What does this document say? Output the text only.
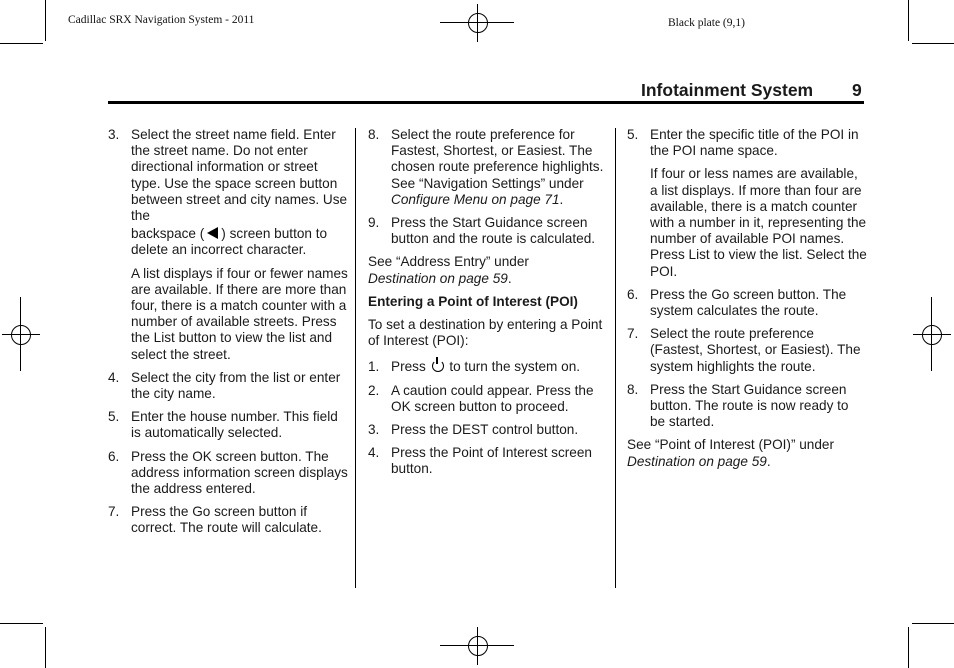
Cadillac SRX Navigation System - 2011	Black plate (9,1)
Infotainment System 9
3. Select the street name field. Enter the street name. Do not enter directional information or street type. Use the space screen button between street and city names. Use the
backspace ( ) screen button to delete an incorrect character.
A list displays if four or fewer names are available. If there are more than four, there is a match counter with a number of available streets. Press the List button to view the list and select the street.
4. Select the city from the list or enter the city name.
5. Enter the house number. This field is automatically selected.
6. Press the OK screen button. The address information screen displays the address entered.
7. Press the Go screen button if correct. The route will calculate.
8. Select the route preference for Fastest, Shortest, or Easiest. The chosen route preference highlights. See “Navigation Settings” under Configure Menu on page 71.
9. Press the Start Guidance screen button and the route is calculated.
See “Address Entry” under
Destination on page 59.
Entering a Point of Interest (POI)
To set a destination by entering a Point of Interest (POI):
1. Press to turn the system on.
2. A caution could appear. Press the OK screen button to proceed.
3. Press the DEST control button.
4. Press the Point of Interest screen button.
5. Enter the specific title of the POI in the POI name space.
If four or less names are available, a list displays. If more than four are available, there is a match counter with a number in it, representing the number of available POI names. Press List to view the list. Select the POI.
6. Press the Go screen button. The system calculates the route.
7. Select the route preference (Fastest, Shortest, or Easiest). The system highlights the route.
8. Press the Start Guidance screen button. The route is now ready to be started.
See “Point of Interest (POI)” under
Destination on page 59.
